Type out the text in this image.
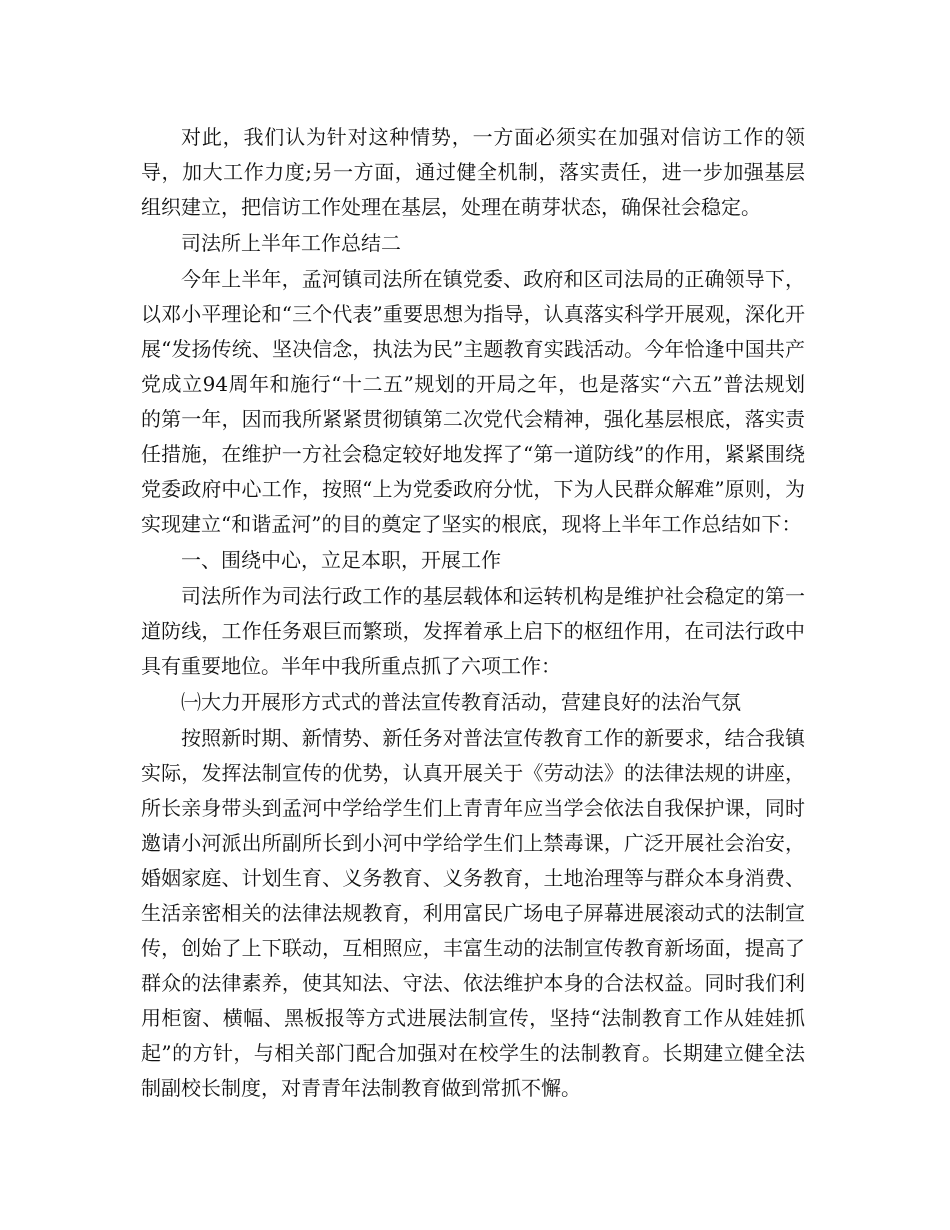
对此，我们认为针对这种情势，一方面必须实在加强对信访工作的领导，加大工作力度;另一方面，通过健全机制，落实责任，进一步加强基层组织建立，把信访工作处理在基层，处理在萌芽状态，确保社会稳定。

司法所上半年工作总结二

今年上半年，孟河镇司法所在镇党委、政府和区司法局的正确领导下，以邓小平理论和“三个代表”重要思想为指导，认真落实科学开展观，深化开展“发扬传统、坚决信念，执法为民”主题教育实践活动。今年恰逢中国共产党成立94周年和施行“十二五”规划的开局之年，也是落实“六五”普法规划的第一年，因而我所紧紧贯彻镇第二次党代会精神，强化基层根底，落实责任措施，在维护一方社会稳定较好地发挥了“第一道防线”的作用，紧紧围绕党委政府中心工作，按照“上为党委政府分忧，下为人民群众解难”原则，为实现建立“和谐孟河”的目的奠定了坚实的根底，现将上半年工作总结如下：

一、围绕中心，立足本职，开展工作

司法所作为司法行政工作的基层载体和运转机构是维护社会稳定的第一道防线，工作任务艰巨而繁琐，发挥着承上启下的枢纽作用，在司法行政中具有重要地位。半年中我所重点抓了六项工作：

㈠大力开展形方式式的普法宣传教育活动，营建良好的法治气氛

按照新时期、新情势、新任务对普法宣传教育工作的新要求，结合我镇实际，发挥法制宣传的优势，认真开展关于《劳动法》的法律法规的讲座，所长亲身带头到孟河中学给学生们上青青年应当学会依法自我保护课，同时邀请小河派出所副所长到小河中学给学生们上禁毒课，广泛开展社会治安，婚姻家庭、计划生育、义务教育、义务教育，土地治理等与群众本身消费、生活亲密相关的法律法规教育，利用富民广场电子屏幕进展滚动式的法制宣传，创始了上下联动，互相照应，丰富生动的法制宣传教育新场面，提高了群众的法律素养，使其知法、守法、依法维护本身的合法权益。同时我们利用柜窗、横幅、黑板报等方式进展法制宣传，坚持“法制教育工作从娃娃抓起”的方针，与相关部门配合加强对在校学生的法制教育。长期建立健全法制副校长制度，对青青年法制教育做到常抓不懈。
